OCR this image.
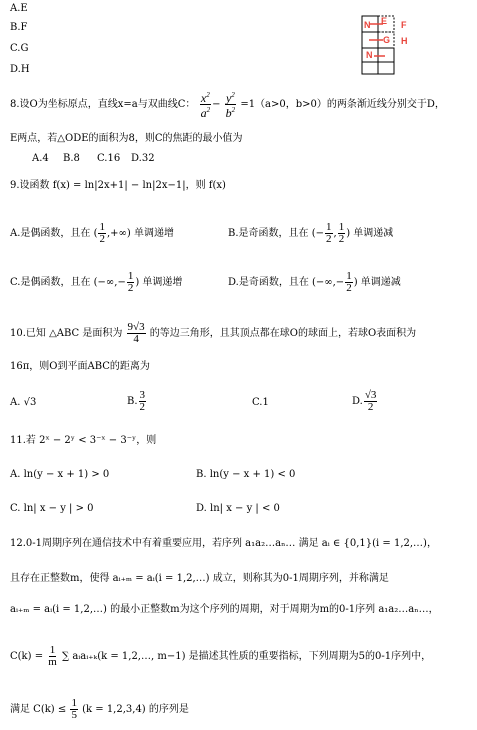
A.E
B.F
C.G
D.H
N E F
G H
N
8.设O为坐标原点，直线x=a与双曲线C： $\frac{x^2}{a^2} - \frac{y^2}{b^2} =1(a>0$，b>0）的两条渐近线分别交于D，
E两点，若△ODE的面积为8，则C的焦距的最小值为
A.4 B.8 C.16 D.32
9.设函数 f(x) = ln|2x+1| − ln|2x−1|，则 f(x)
A.是偶函数，且在 ( $\frac{1}{2}$ ,+∞) 单调递增	B.是奇函数，且在 (− $\frac{1}{2}$ , $\frac{1}{2}$ ) 单调递减
C.是偶函数，且在 (−∞,− $\frac{1}{2}$ ) 单调递增	D.是奇函数，且在 (−∞,− $\frac{1}{2}$ ) 单调递减
10.已知 △ABC 是面积为 $\frac{9√3}{4}$ 的等边三角形，且其顶点都在球O的球面上，若球O表面积为
16π，则O到平面ABC的距离为
A. √3	B. $\frac{3}{2}$	C.1	D. $\frac{√3}{2}$
11.若 2ˣ − 2ʸ < 3⁻ˣ − 3⁻ʸ，则
A. ln(y − x + 1) > 0	B. ln(y − x + 1) < 0
C. ln| x − y | > 0	D. ln| x − y | < 0
12.0-1周期序列在通信技术中有着重要应用，若序列 a₁a₂…aₙ… 满足 aᵢ ∈ {0,1}(i = 1,2,…)，
且存在正整数m，使得 aᵢ₊ₘ = aᵢ(i = 1,2,…) 成立，则称其为0-1周期序列，并称满足
aᵢ₊ₘ = aᵢ(i = 1,2,…) 的最小正整数m为这个序列的周期，对于周期为m的0-1序列 a₁a₂…aₙ…，
$C(k) = \frac{1}{m}$ ∑ aᵢaᵢ₊ₖ(k = 1,2,…, m−1) 是描述其性质的重要指标，下列周期为5的0-1序列中，
满足 $C(k) \le \frac{1}{5} (k = 1,2,3,4)$ 的序列是
